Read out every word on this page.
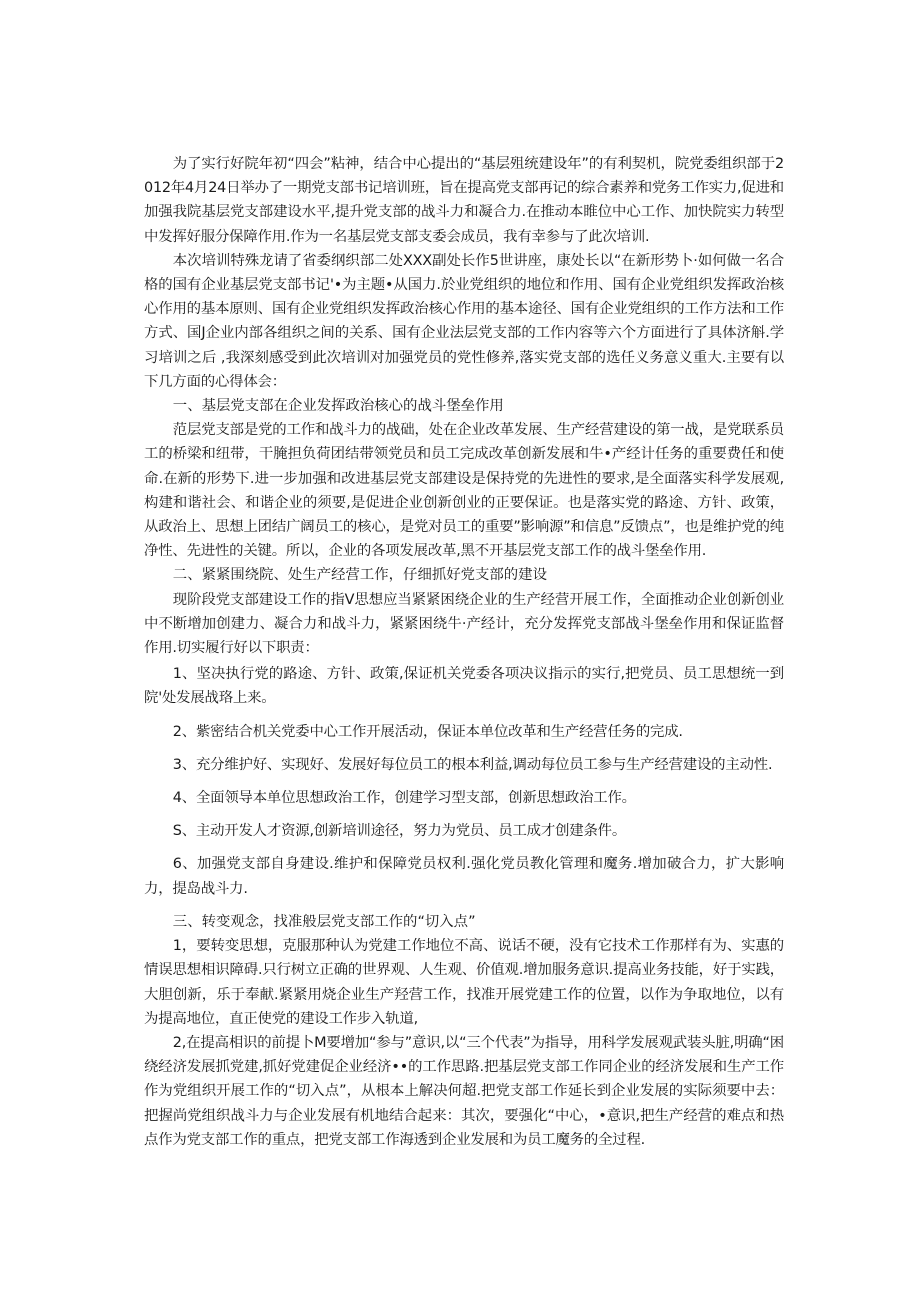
为了实行好院年初“四会”粘神，结合中心提出的“基层殂统建设年”的有利契机，院党委组织部于2012年4月24日举办了一期党支部书记培训班，旨在提高党支部再记的综合素养和党务工作实力,促进和加强我院基层党支部建设水平,提升党支部的战斗力和凝合力.在推动本睢位中心工作、加快院实力转型中发挥好服分保障作用.作为一名基层党支部支委会成员，我有幸参与了此次培训.

本次培训特殊龙请了省委纲织部二处XXX副处长作5世讲座，康处长以“在新形势卜·如何做一名合格的国有企业基层党支部书记'•为主题•从国力.於业党组织的地位和作用、国有企业党组织发挥政治核心作用的基本原则、国有企业党组织发挥政治核心作用的基本途径、国有企业党组织的工作方法和工作方式、国J企业内部各组织之间的关系、国有企业法层党支部的工作内容等六个方面进行了具体济斛.学习培训之后 ,我深刻感受到此次培训对加强党员的党性修养,落实党支部的选任义务意义重大.主要有以下几方面的心得体会：

一、基层党支部在企业发挥政治核心的战斗堡垒作用

范层党支部是党的工作和战斗力的战础，处在企业改革发展、生产经营建设的第一战，是党联系员工的桥梁和纽带，干腌担负荷团结带领党员和员工完成改革创新发展和牛•产经计任务的重要费任和使命.在新的形势下.进一步加强和改进基层党支部建设是保持党的先进性的要求,是全面落实科学发展观,构建和谐社会、和谐企业的须要,是促进企业创新创业的正要保证。也是落实党的路途、方针、政策，从政治上、思想上团结广阔员工的核心，是党对员工的重要”影响源”和信息”反馈点”，也是维护党的纯净性、先进性的关键。所以，企业的各项发展改革,黑不开基层党支部工作的战斗堡垒作用.

二、紧紧围绕院、处生产经营工作，仔细抓好党支部的建设

现阶段党支部建设工作的指V思想应当紧紧困绕企业的生产经营开展工作，全面推动企业创新创业中不断增加创建力、凝合力和战斗力，紧紧困绕牛·产经计，充分发挥党支部战斗堡垒作用和保证监督作用.切实履行好以下职责：

1、坚决执行党的路途、方针、政策,保证机关党委各项决议指示的实行,把党员、员工思想统一到院'处发展战珞上来。

2、紫密结合机关党委中心工作开展活动，保证本单位改革和生产经营任务的完成.

3、充分维护好、实现好、发展好每位员工的根本利益,调动每位员工参与生产经营建设的主动性.

4、全面领导本单位思想政治工作，创建学习型支部，创新思想政治工作。

S、主动开发人才资源,创新培训途径，努力为党员、员工成才创建条件。

6、加强党支部自身建设.维护和保障党员权利.强化党员教化管理和魔务.增加破合力，扩大影响力，提岛战斗力.

三、转变观念，找准般层党支部工作的“切入点”

1，要转变思想，克服那种认为党建工作地位不高、说话不硬，没有它技术工作那样有为、实惠的情误思想相识障碍.只行树立正确的世界观、人生观、价值观.增加服务意识.提高业务技能，好于实践，大胆创新，乐于奉献.紧紧用烧企业生产羟营工作，找准开展党建工作的位置，以作为争取地位，以有为提高地位，直正使党的建设工作步入轨道,

2,在提高相识的前提卜M要增加“参与”意识,以“三个代表”为指导，用科学发展观武装头脏,明确“困绕经济发展抓党建,抓好党建促企业经济••的工作思路.把基层党支部工作同企业的经济发展和生产工作作为党组织开展工作的“切入点”，从根本上解决何超.把党支部工作延长到企业发展的实际须要中去：把握尚党组织战斗力与企业发展有机地结合起来：其次，要强化“中心，•意识,把生产经营的难点和热点作为党支部工作的重点，把党支部工作海透到企业发展和为员工魔务的全过程.
